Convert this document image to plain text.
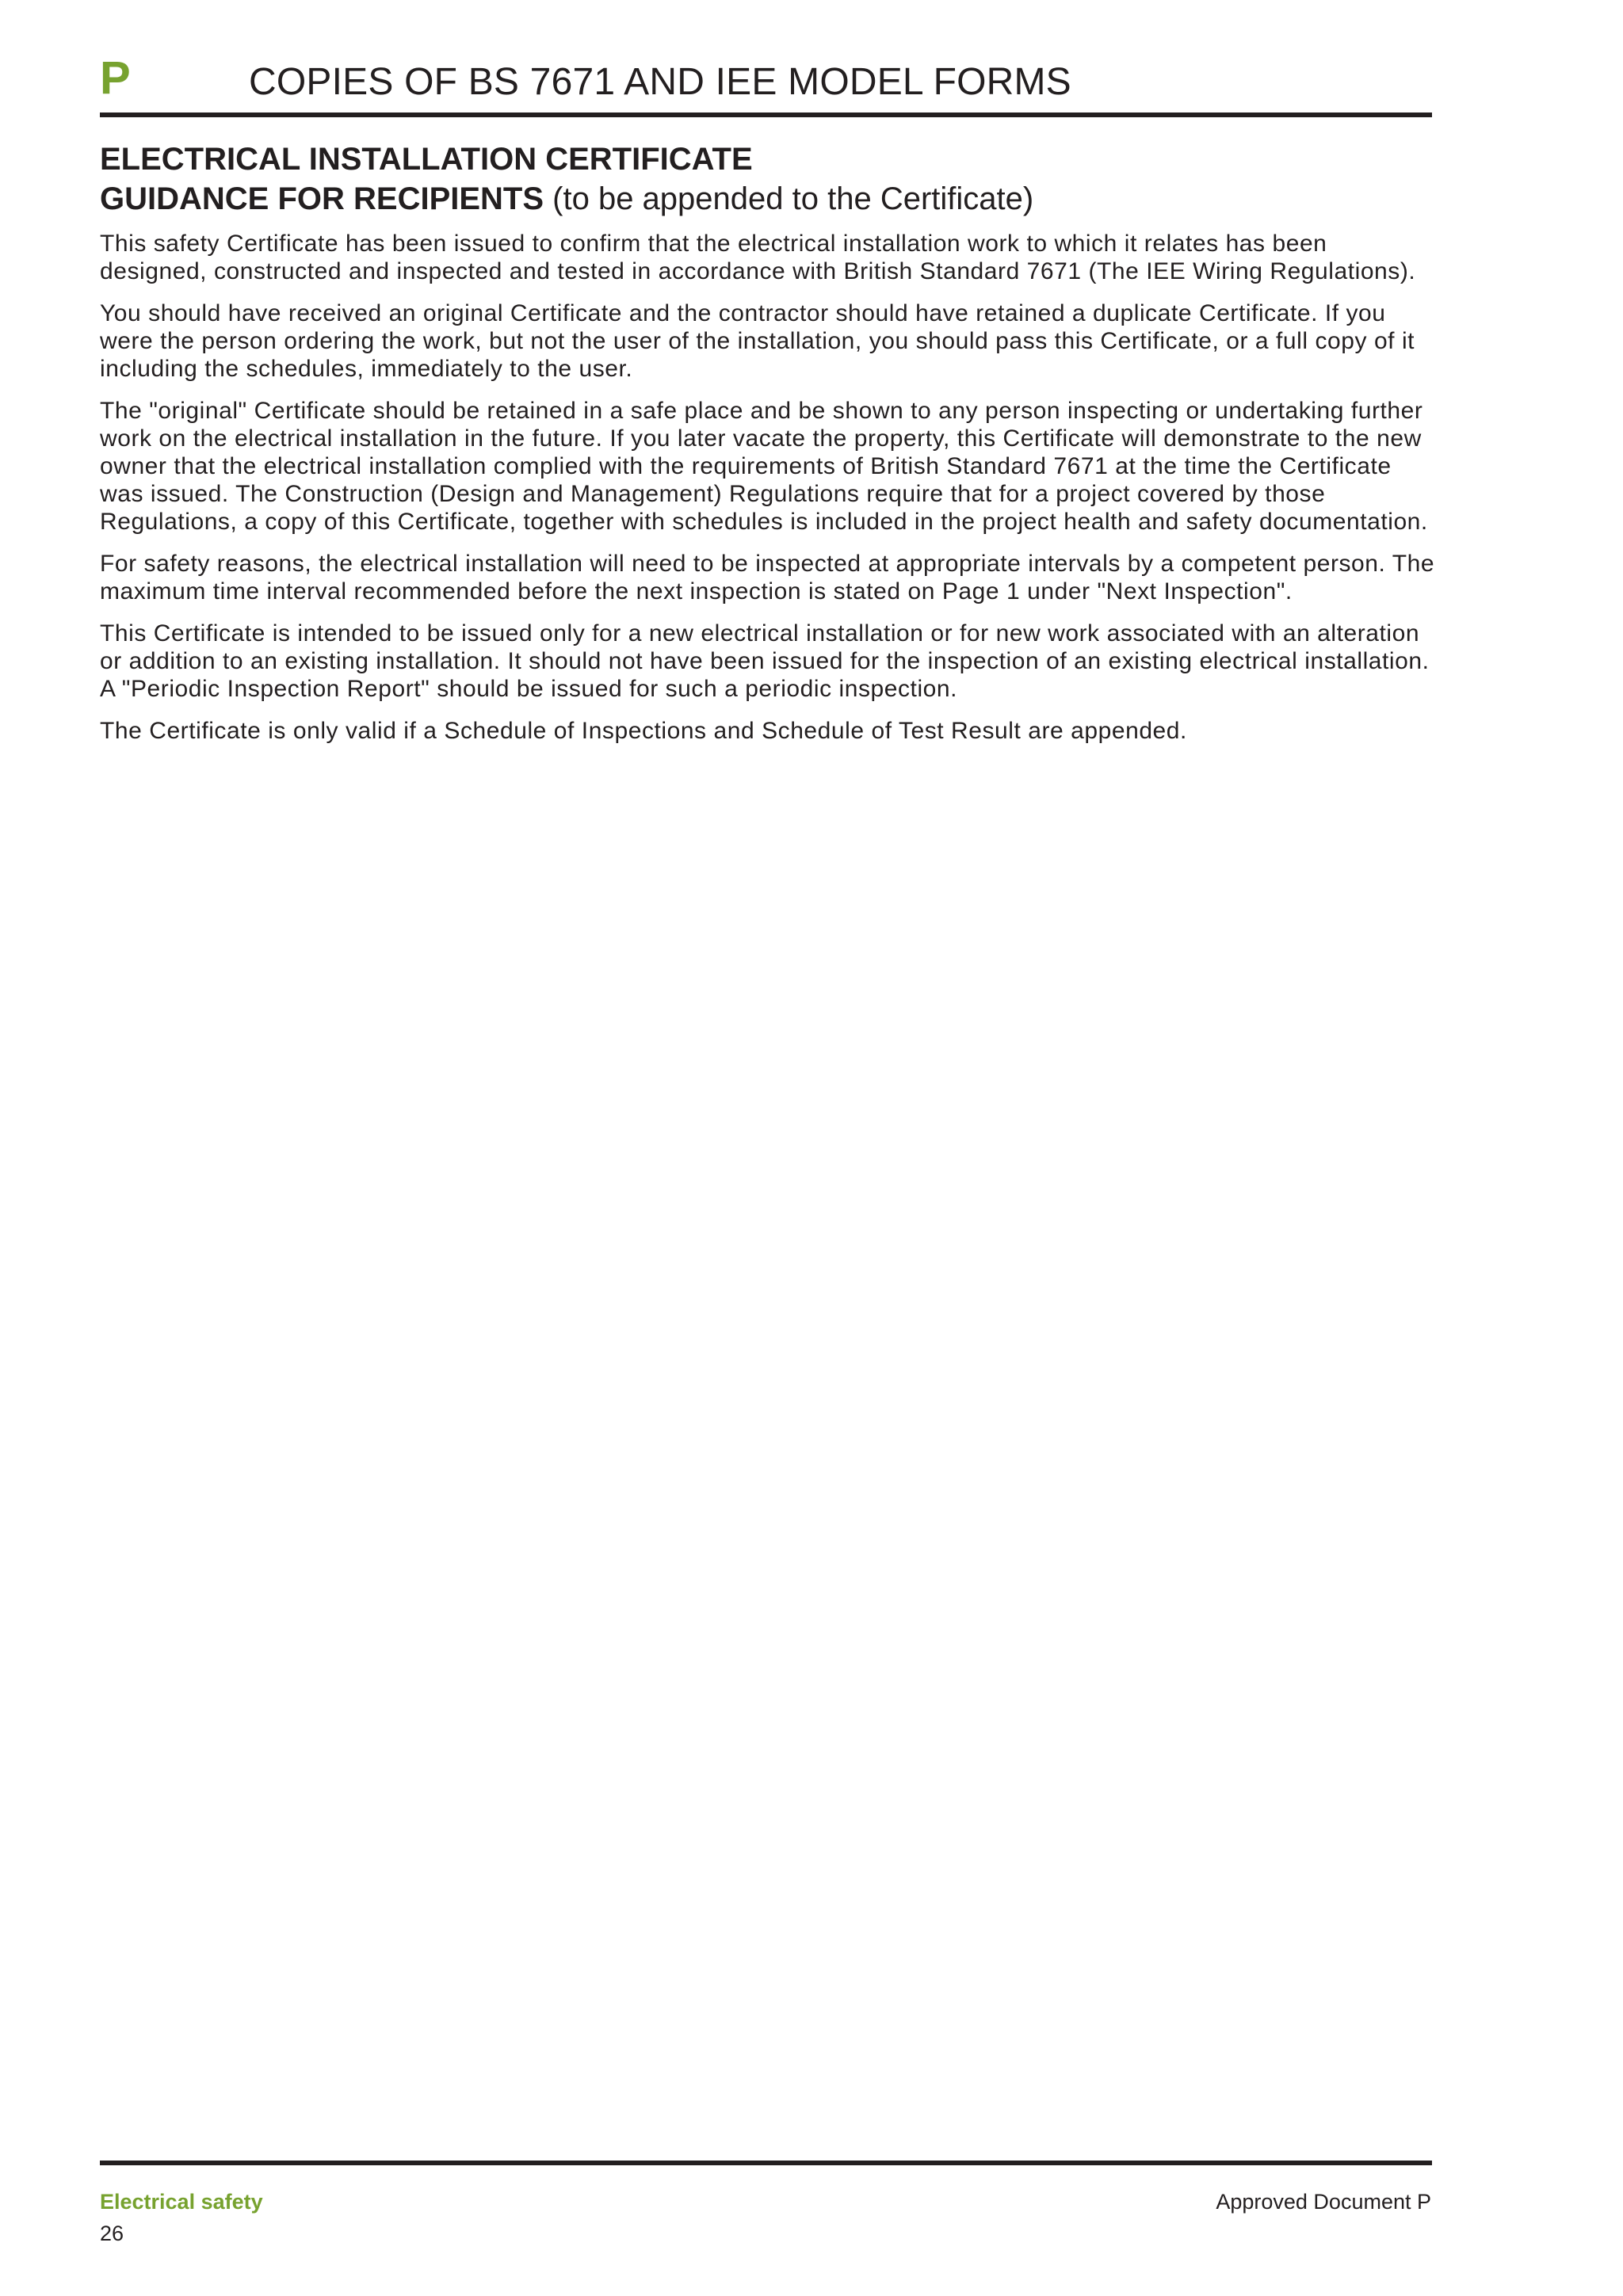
P	COPIES OF BS 7671 AND IEE MODEL FORMS
ELECTRICAL INSTALLATION CERTIFICATE
GUIDANCE FOR RECIPIENTS (to be appended to the Certificate)

This safety Certificate has been issued to confirm that the electrical installation work to which it relates has been designed, constructed and inspected and tested in accordance with British Standard 7671 (The IEE Wiring Regulations).

You should have received an original Certificate and the contractor should have retained a duplicate Certificate. If you were the person ordering the work, but not the user of the installation, you should pass this Certificate, or a full copy of it including the schedules, immediately to the user.

The "original" Certificate should be retained in a safe place and be shown to any person inspecting or undertaking further work on the electrical installation in the future. If you later vacate the property, this Certificate will demonstrate to the new owner that the electrical installation complied with the requirements of British Standard 7671 at the time the Certificate was issued. The Construction (Design and Management) Regulations require that for a project covered by those Regulations, a copy of this Certificate, together with schedules is included in the project health and safety documentation.

For safety reasons, the electrical installation will need to be inspected at appropriate intervals by a competent person. The maximum time interval recommended before the next inspection is stated on Page 1 under "Next Inspection".

This Certificate is intended to be issued only for a new electrical installation or for new work associated with an alteration or addition to an existing installation. It should not have been issued for the inspection of an existing electrical installation. A "Periodic Inspection Report" should be issued for such a periodic inspection.

The Certificate is only valid if a Schedule of Inspections and Schedule of Test Result are appended.

Electrical safety
26
Approved Document P
